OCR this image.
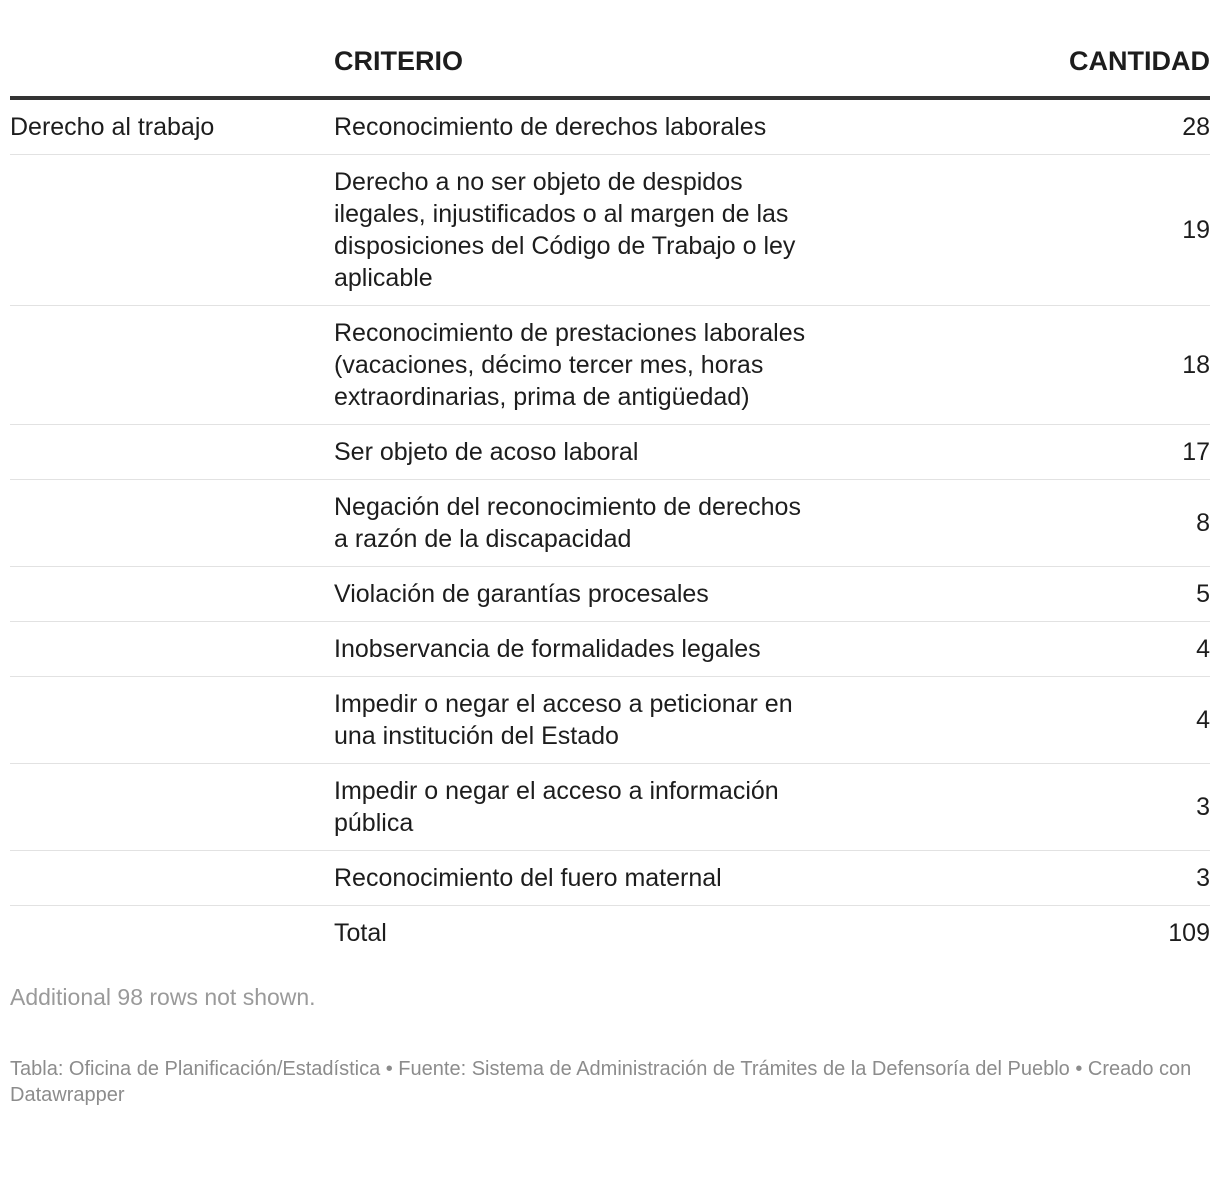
	CRITERIO	CANTIDAD
Derecho al trabajo	Reconocimiento de derechos laborales	28

	Derecho a no ser objeto de despidos ilegales, injustificados o al margen de las disposiciones del Código de Trabajo o ley aplicable	19

	Reconocimiento de prestaciones laborales (vacaciones, décimo tercer mes, horas extraordinarias, prima de antigüedad)	18

	Ser objeto de acoso laboral	17

	Negación del reconocimiento de derechos a razón de la discapacidad	8

	Violación de garantías procesales	5

	Inobservancia de formalidades legales	4

	Impedir o negar el acceso a peticionar en una institución del Estado	4

	Impedir o negar el acceso a información pública	3

	Reconocimiento del fuero maternal	3

	Total	109
Additional 98 rows not shown.
Tabla: Oficina de Planificación/Estadística • Fuente: Sistema de Administración de Trámites de la Defensoría del Pueblo • Creado con Datawrapper
